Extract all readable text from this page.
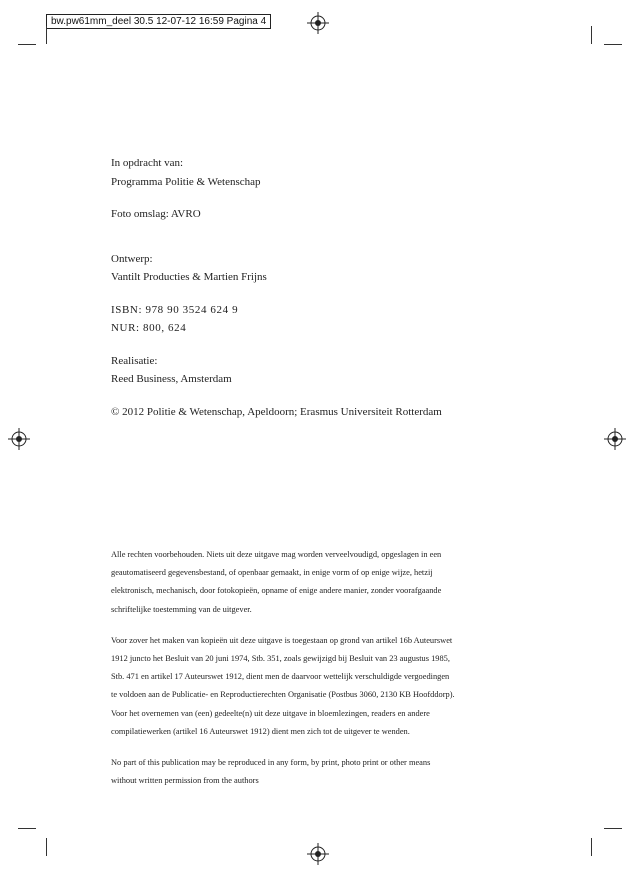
bw.pw61mm_deel 30.5 12-07-12 16:59 Pagina 4
In opdracht van:
Programma Politie & Wetenschap
Foto omslag: AVRO
Ontwerp:
Vantilt Producties & Martien Frijns
ISBN: 978 90 3524 624 9
NUR: 800, 624
Realisatie:
Reed Business, Amsterdam
© 2012 Politie & Wetenschap, Apeldoorn; Erasmus Universiteit Rotterdam

Alle rechten voorbehouden. Niets uit deze uitgave mag worden verveelvoudigd, opgeslagen in een
geautomatiseerd gegevensbestand, of openbaar gemaakt, in enige vorm of op enige wijze, hetzij
elektronisch, mechanisch, door fotokopieën, opname of enige andere manier, zonder voorafgaande
schriftelijke toestemming van de uitgever.

Voor zover het maken van kopieën uit deze uitgave is toegestaan op grond van artikel 16b Auteurswet
1912 juncto het Besluit van 20 juni 1974, Stb. 351, zoals gewijzigd bij Besluit van 23 augustus 1985,
Stb. 471 en artikel 17 Auteurswet 1912, dient men de daarvoor wettelijk verschuldigde vergoedingen
te voldoen aan de Publicatie- en Reproductierechten Organisatie (Postbus 3060, 2130 KB Hoofddorp).
Voor het overnemen van (een) gedeelte(n) uit deze uitgave in bloemlezingen, readers en andere
compilatiewerken (artikel 16 Auteurswet 1912) dient men zich tot de uitgever te wenden.

No part of this publication may be reproduced in any form, by print, photo print or other means
without written permission from the authors
